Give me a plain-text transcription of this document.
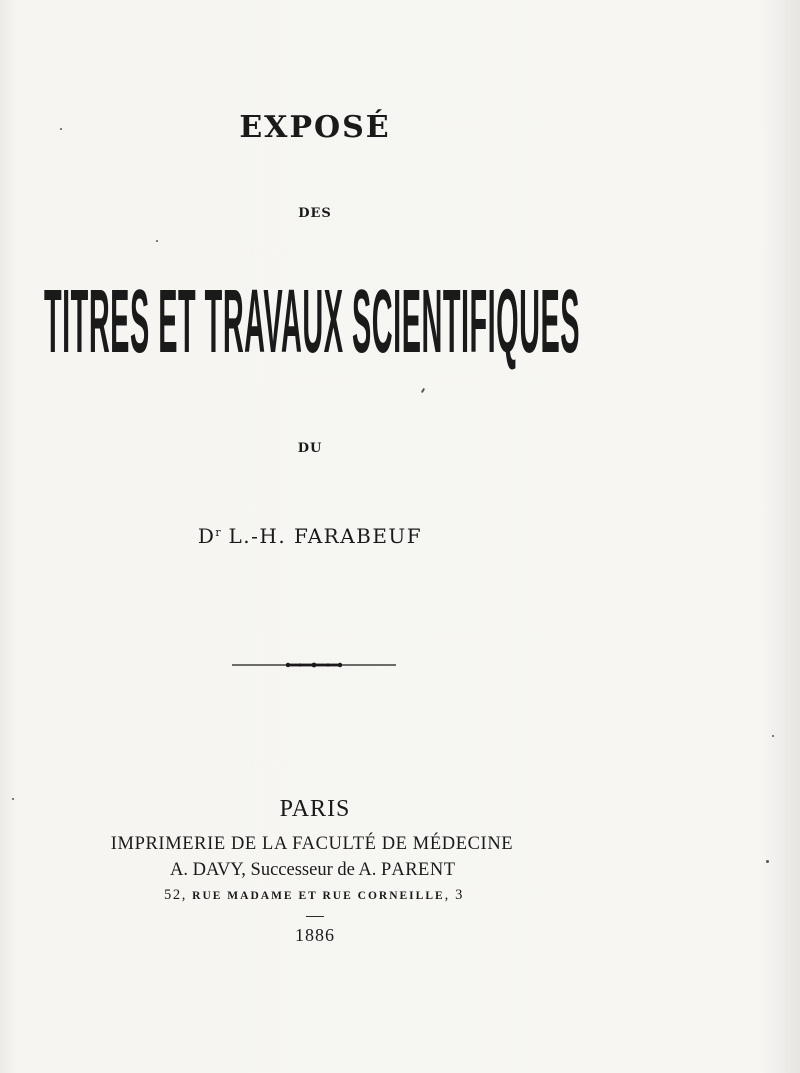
EXPOSÉ
DES
TITRES ET TRAVAUX SCIENTIFIQUES
DU
$D^r$ L.-H. FARABEUF
PARIS
IMPRIMERIE DE LA FACULTÉ DE MÉDECINE
A. DAVY, Successeur de A. PARENT
52, RUE MADAME ET RUE CORNEILLE, 3
1886
